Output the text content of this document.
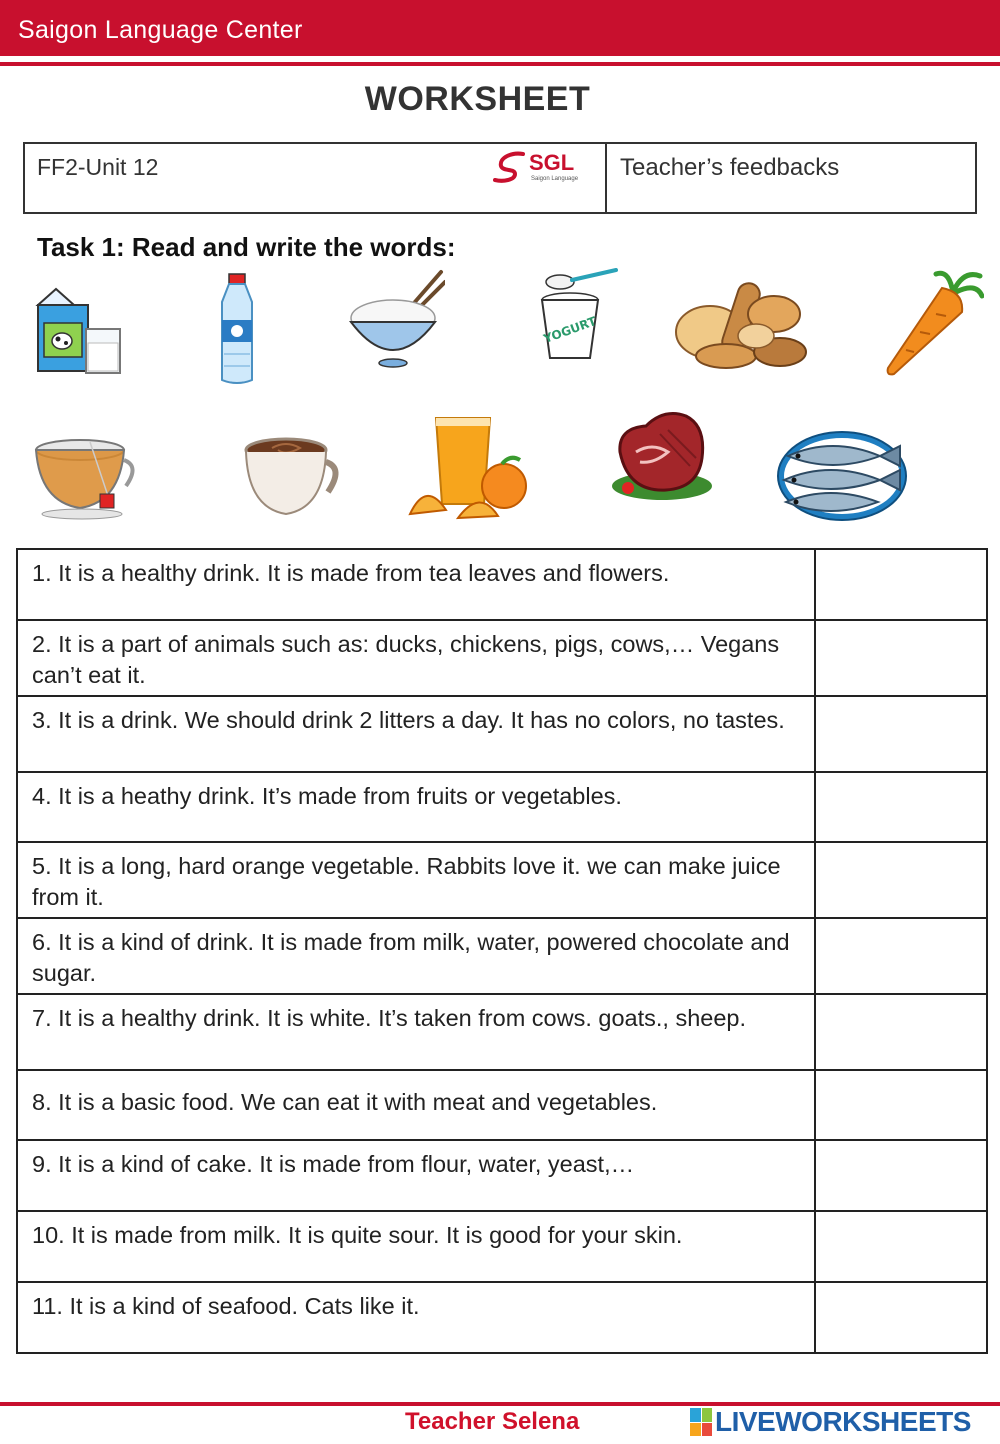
Saigon Language Center
WORKSHEET
FF2-Unit 12	SGL
Saigon Language Teacher’s feedbacks
Task 1: Read and write the words:
YOGURT
1. It is a healthy drink. It is made from tea leaves and flowers.	
2. It is a part of animals such as: ducks, chickens, pigs, cows,… Vegans can’t eat it.	
3. It is a drink. We should drink 2 litters a day. It has no colors, no tastes.	
4. It is a heathy drink. It’s made from fruits or vegetables.	
5. It is a long, hard orange vegetable. Rabbits love it. we can make juice from it.	
6. It is a kind of drink. It is made from milk, water, powered chocolate and sugar.	
7. It is a healthy drink. It is white. It’s taken from cows. goats., sheep.	
8. It is a basic food. We can eat it with meat and vegetables.	
9. It is a kind of cake. It is made from flour, water, yeast,…	
10. It is made from milk. It is quite sour. It is good for your skin.	
11. It is a kind of seafood. Cats like it.	
Teacher Selena	LIVEWORKSHEETS
